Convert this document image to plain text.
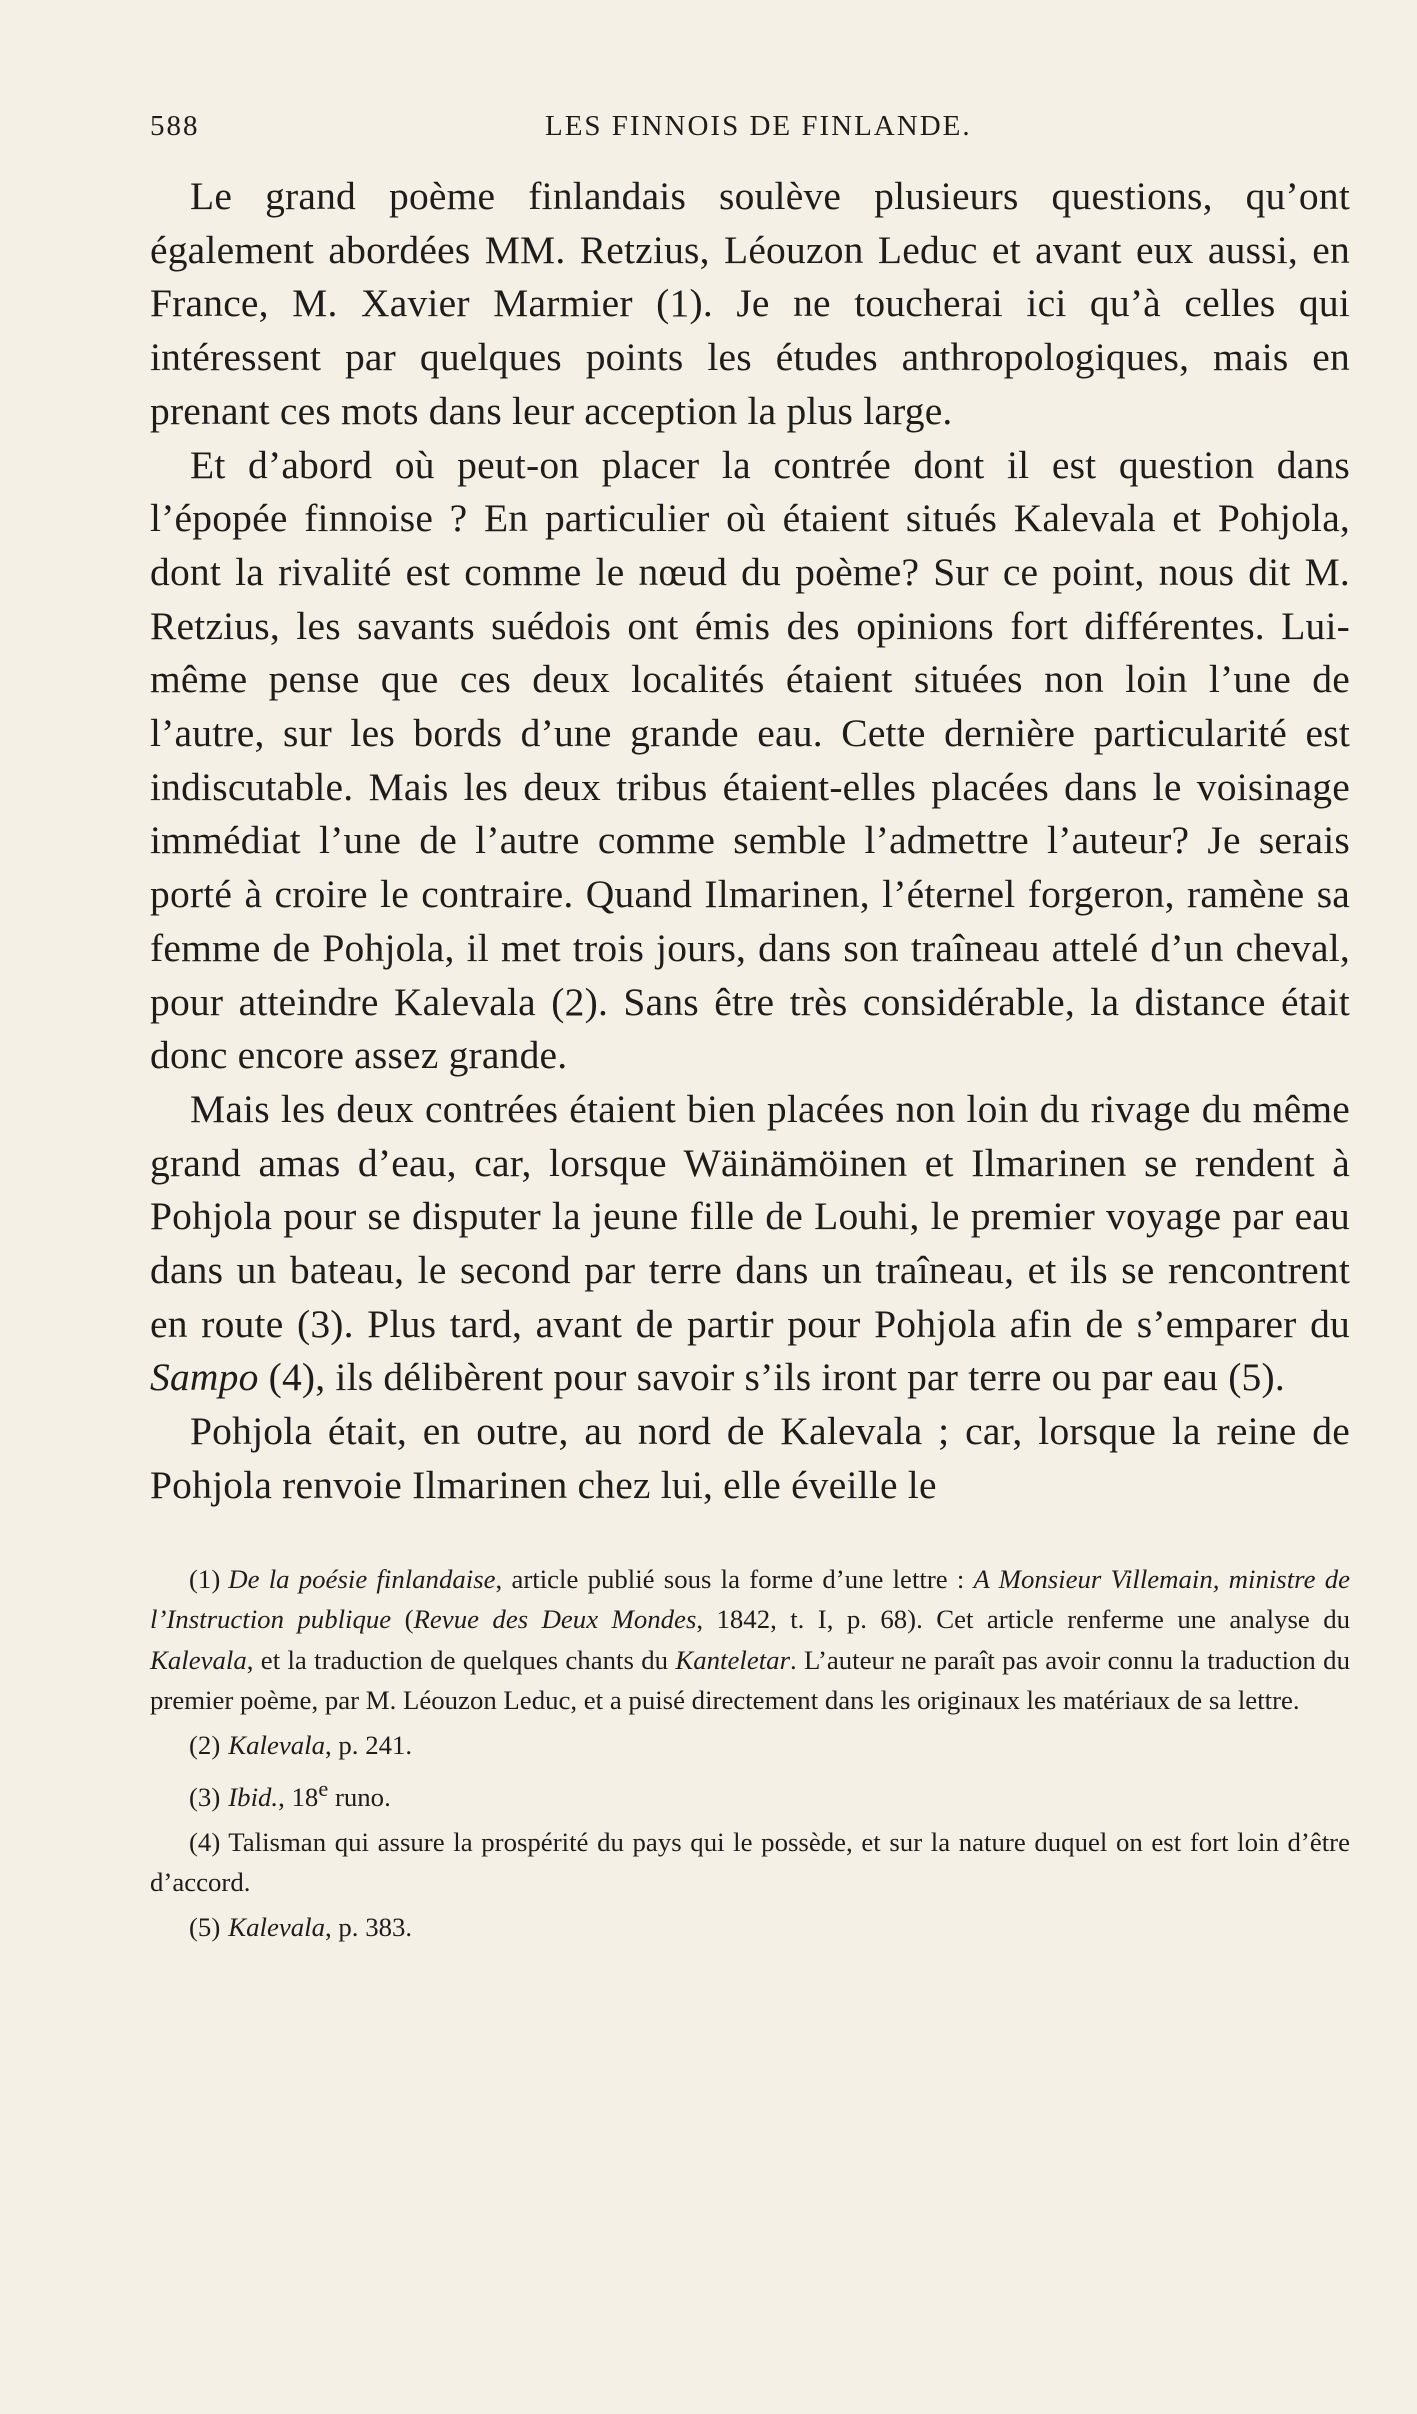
588	LES FINNOIS DE FINLANDE.

Le grand poème finlandais soulève plusieurs questions, qu’ont également abordées MM. Retzius, Léouzon Leduc et avant eux aussi, en France, M. Xavier Marmier (1). Je ne toucherai ici qu’à celles qui intéressent par quelques points les études anthropologiques, mais en prenant ces mots dans leur acception la plus large.

Et d’abord où peut-on placer la contrée dont il est question dans l’épopée finnoise ? En particulier où étaient situés Kalevala et Pohjola, dont la rivalité est comme le nœud du poème? Sur ce point, nous dit M. Retzius, les savants suédois ont émis des opinions fort différentes. Lui-même pense que ces deux localités étaient situées non loin l’une de l’autre, sur les bords d’une grande eau. Cette dernière particularité est indiscutable. Mais les deux tribus étaient-elles placées dans le voisinage immédiat l’une de l’autre comme semble l’admettre l’auteur? Je serais porté à croire le contraire. Quand Ilmarinen, l’éternel forgeron, ramène sa femme de Pohjola, il met trois jours, dans son traîneau attelé d’un cheval, pour atteindre Kalevala (2). Sans être très considérable, la distance était donc encore assez grande.

Mais les deux contrées étaient bien placées non loin du rivage du même grand amas d’eau, car, lorsque Wäinämöinen et Ilmarinen se rendent à Pohjola pour se disputer la jeune fille de Louhi, le premier voyage par eau dans un bateau, le second par terre dans un traîneau, et ils se rencontrent en route (3). Plus tard, avant de partir pour Pohjola afin de s’emparer du Sampo (4), ils délibèrent pour savoir s’ils iront par terre ou par eau (5).

Pohjola était, en outre, au nord de Kalevala ; car, lorsque la reine de Pohjola renvoie Ilmarinen chez lui, elle éveille le

(1) De la poésie finlandaise, article publié sous la forme d’une lettre : A Monsieur Villemain, ministre de l’Instruction publique (Revue des Deux Mondes, 1842, t. I, p. 68). Cet article renferme une analyse du Kalevala, et la traduction de quelques chants du Kanteletar. L’auteur ne paraît pas avoir connu la traduction du premier poème, par M. Léouzon Leduc, et a puisé directement dans les originaux les matériaux de sa lettre.

(2) Kalevala, p. 241.

(3) Ibid., 18e runo.

(4) Talisman qui assure la prospérité du pays qui le possède, et sur la nature duquel on est fort loin d’être d’accord.

(5) Kalevala, p. 383.
